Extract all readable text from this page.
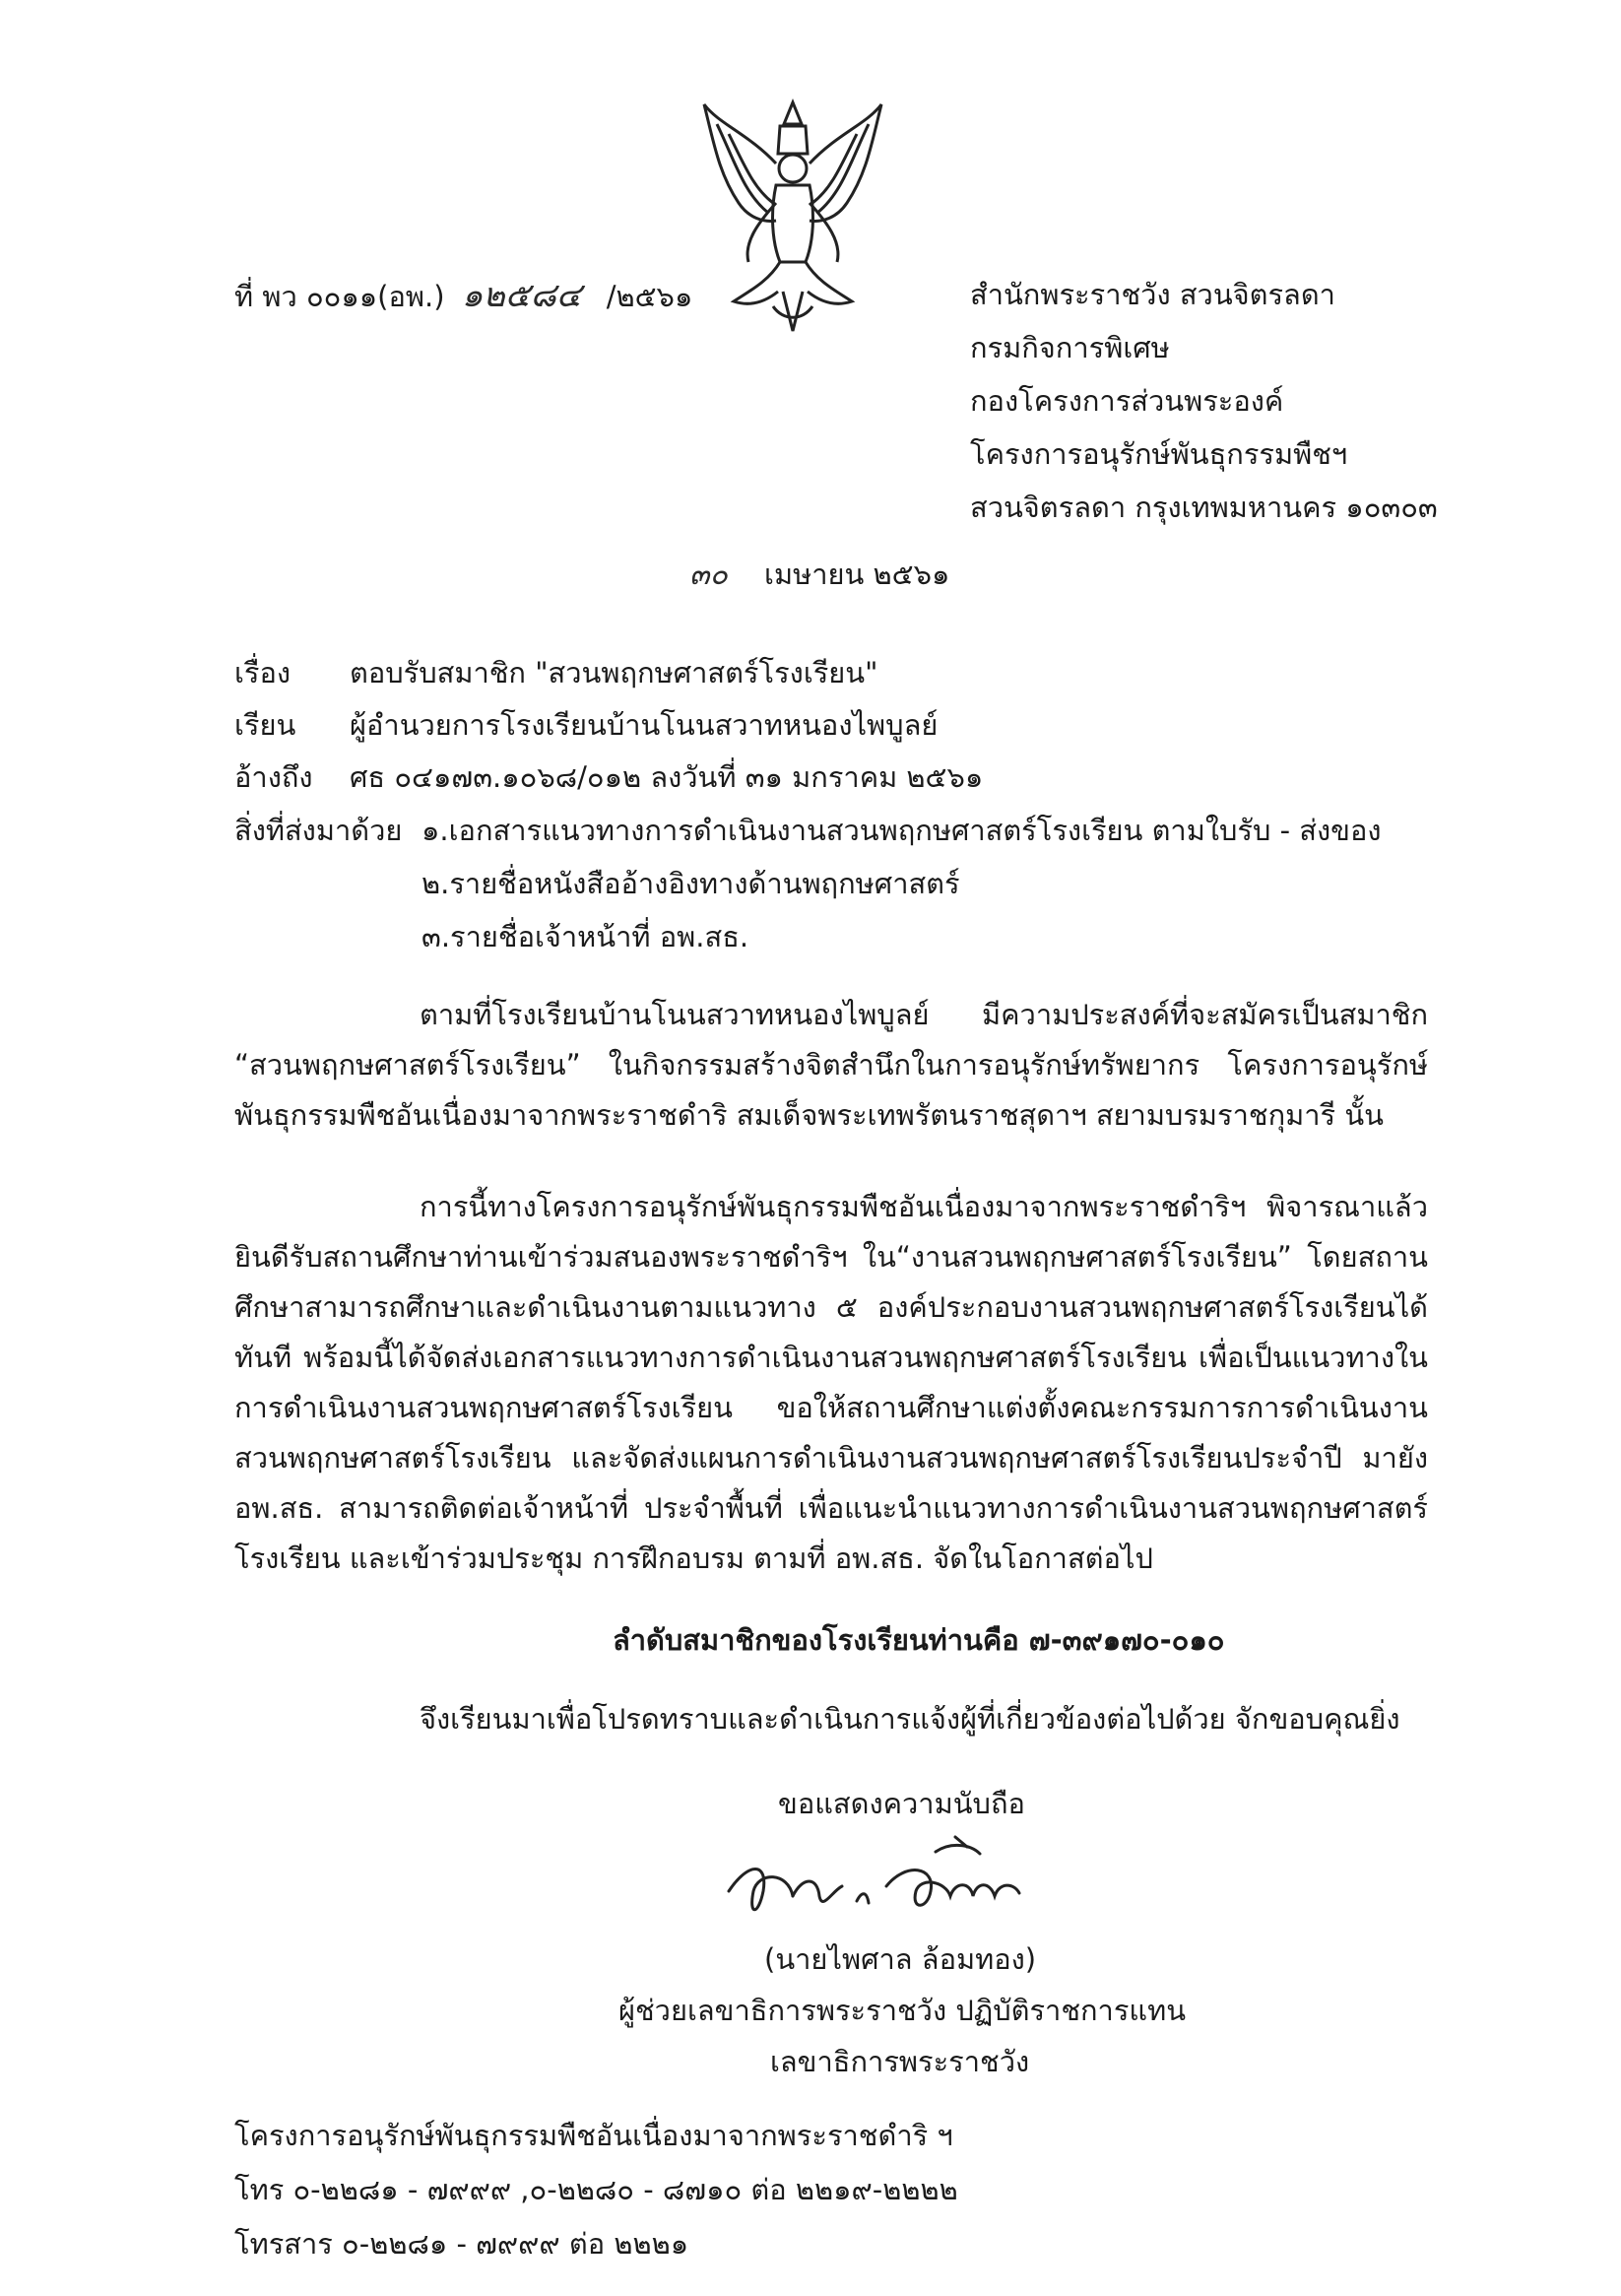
ที่ พว ๐๐๑๑(อพ.) ๑๒๕๘๔ /๒๕๖๑	สำนักพระราชวัง สวนจิตรลดา
กรมกิจการพิเศษ
กองโครงการส่วนพระองค์
โครงการอนุรักษ์พันธุกรรมพืชฯ
สวนจิตรลดา กรุงเทพมหานคร ๑๐๓๐๓
๓๐ เมษายน ๒๕๖๑
เรื่อง ตอบรับสมาชิก "สวนพฤกษศาสตร์โรงเรียน"
เรียน ผู้อำนวยการโรงเรียนบ้านโนนสวาทหนองไพบูลย์
อ้างถึง ศธ ๐๔๑๗๓.๑๐๖๘/๐๑๒ ลงวันที่ ๓๑ มกราคม ๒๕๖๑
สิ่งที่ส่งมาด้วย ๑.เอกสารแนวทางการดำเนินงานสวนพฤกษศาสตร์โรงเรียน ตามใบรับ - ส่งของ
๒.รายชื่อหนังสืออ้างอิงทางด้านพฤกษศาสตร์
๓.รายชื่อเจ้าหน้าที่ อพ.สธ.
ตามที่โรงเรียนบ้านโนนสวาทหนองไพบูลย์ มีความประสงค์ที่จะสมัครเป็นสมาชิก “สวนพฤกษศาสตร์โรงเรียน” ในกิจกรรมสร้างจิตสำนึกในการอนุรักษ์ทรัพยากร โครงการอนุรักษ์พันธุกรรมพืชอันเนื่องมาจากพระราชดำริ สมเด็จพระเทพรัตนราชสุดาฯ สยามบรมราชกุมารี นั้น
การนี้ทางโครงการอนุรักษ์พันธุกรรมพืชอันเนื่องมาจากพระราชดำริฯ พิจารณาแล้ว ยินดีรับสถานศึกษาท่านเข้าร่วมสนองพระราชดำริฯ ใน“งานสวนพฤกษศาสตร์โรงเรียน” โดยสถานศึกษาสามารถศึกษาและดำเนินงานตามแนวทาง ๕ องค์ประกอบงานสวนพฤกษศาสตร์โรงเรียนได้ทันที พร้อมนี้ได้จัดส่งเอกสารแนวทางการดำเนินงานสวนพฤกษศาสตร์โรงเรียน เพื่อเป็นแนวทางในการดำเนินงานสวนพฤกษศาสตร์โรงเรียน ขอให้สถานศึกษาแต่งตั้งคณะกรรมการการดำเนินงานสวนพฤกษศาสตร์โรงเรียน และจัดส่งแผนการดำเนินงานสวนพฤกษศาสตร์โรงเรียนประจำปี มายัง อพ.สธ. สามารถติดต่อเจ้าหน้าที่ ประจำพื้นที่ เพื่อแนะนำแนวทางการดำเนินงานสวนพฤกษศาสตร์โรงเรียน และเข้าร่วมประชุม การฝึกอบรม ตามที่ อพ.สธ. จัดในโอกาสต่อไป
ลำดับสมาชิกของโรงเรียนท่านคือ ๗-๓๙๑๗๐-๐๑๐
จึงเรียนมาเพื่อโปรดทราบและดำเนินการแจ้งผู้ที่เกี่ยวข้องต่อไปด้วย จักขอบคุณยิ่ง
ขอแสดงความนับถือ
(นายไพศาล ล้อมทอง)
ผู้ช่วยเลขาธิการพระราชวัง ปฏิบัติราชการแทน
เลขาธิการพระราชวัง
โครงการอนุรักษ์พันธุกรรมพืชอันเนื่องมาจากพระราชดำริ ฯ
โทร ๐-๒๒๘๑ - ๗๙๙๙ ,๐-๒๒๘๐ - ๘๗๑๐ ต่อ ๒๒๑๙-๒๒๒๒
โทรสาร ๐-๒๒๘๑ - ๗๙๙๙ ต่อ ๒๒๒๑
